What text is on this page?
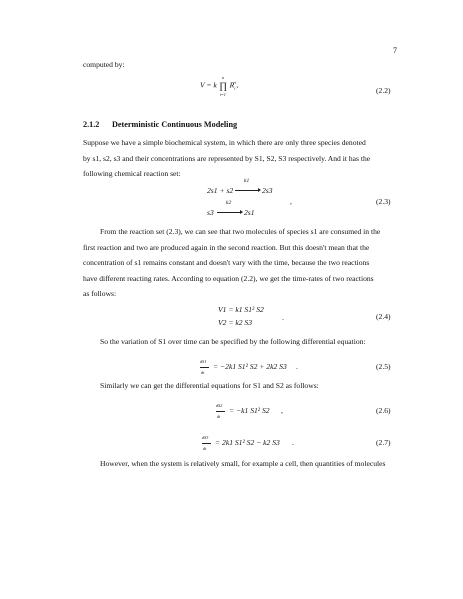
7
computed by:
V = k ∏
n
i=1
$R_i^{ri}$,
(2.2)
2.1.2 Deterministic Continuous Modeling
Suppose we have a simple biochemical system, in which there are only three species denoted
by s1, s2, s3 and their concentrations are represented by S1, S2, S3 respectively. And it has the
following chemical reaction set:
2s1 + s2
k1
2s3
k2
s3	2s1
,	(2.3)
From the reaction set (2.3), we can see that two molecules of species s1 are consumed in the
first reaction and two are produced again in the second reaction. But this doesn't mean that the
concentration of s1 remains constant and doesn't vary with the time, because the two reactions
have different reacting rates. According to equation (2.2), we get the time-rates of two reactions
as follows:
V1 = k1 S1² S2
V2 = k2 S3
.	(2.4)
So the variation of S1 over time can be specified by the following differential equation:
dS1
dt
= −2k1 S1² S2 + 2k2 S3 .	(2.5)
Similarly we can get the differential equations for S1 and S2 as follows:
dS2
dt
= −k1 S1² S2 ,	(2.6)
dS3
dt
= 2k1 S1² S2 − k2 S3 .	(2.7)
However, when the system is relatively small, for example a cell, then quantities of molecules
